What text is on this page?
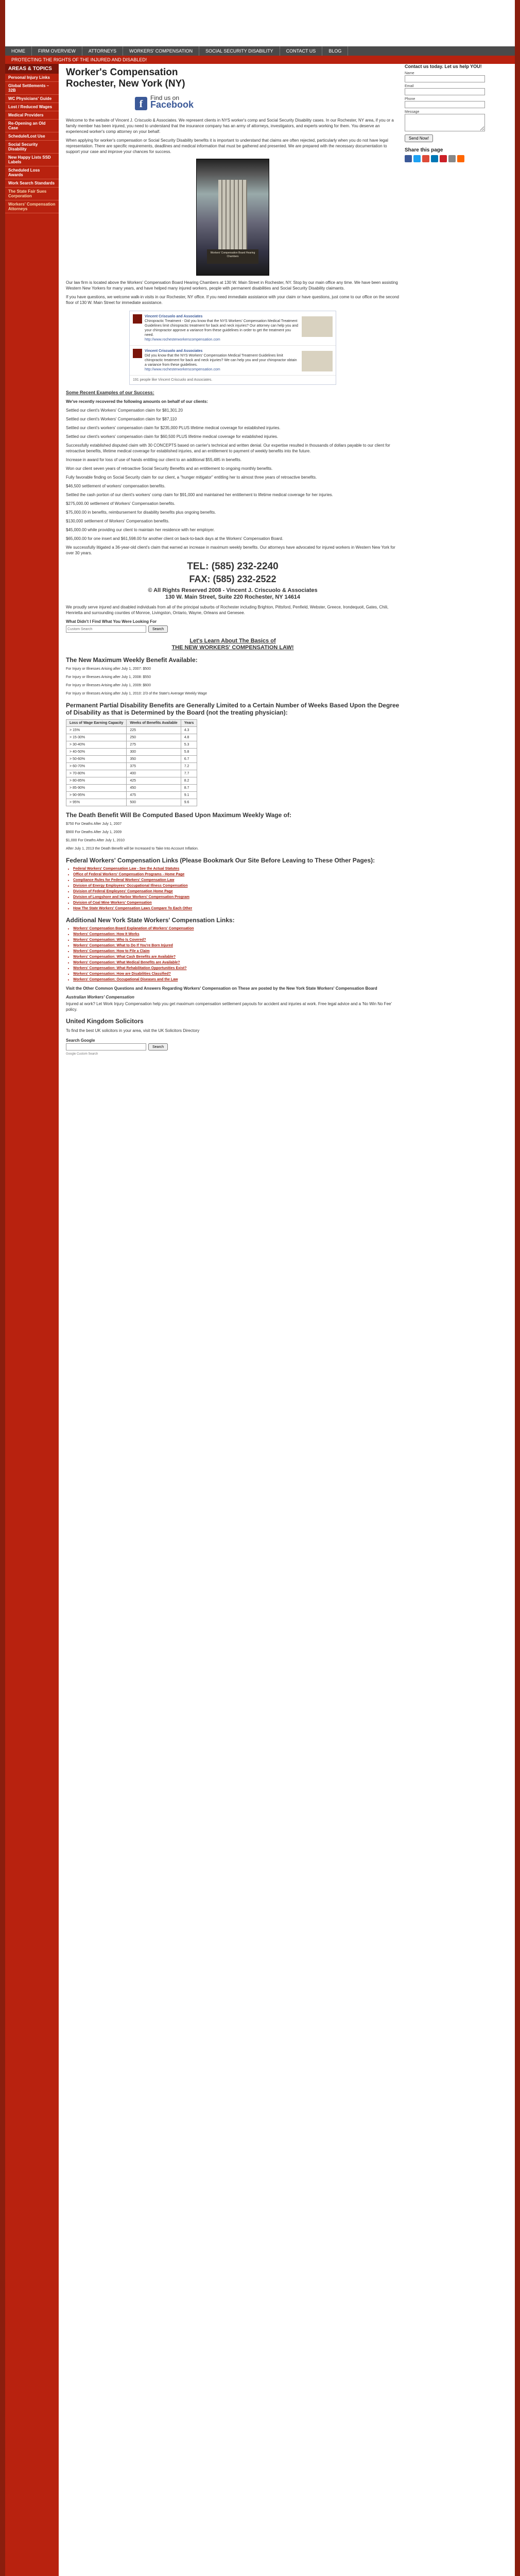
HOME	FIRM OVERVIEW	ATTORNEYS	WORKERS' COMPENSATION	SOCIAL SECURITY DISABILITY	CONTACT US	BLOG
PROTECTING THE RIGHTS OF THE INJURED AND DISABLED!
AREAS & TOPICS
Personal Injury Links
Global Settlements – 32B
WC Physicians' Guide
Lost / Reduced Wages
Medical Providers
Re-Opening an Old Case
Schedule/Lost Use
Social Security Disability
New Happy Lists SSD Labels
Scheduled Loss Awards
Work Search Standards
The State Fair Sues Corporation
Workers' Compensation Attorneys
Worker's Compensation
Rochester, New York (NY)
f
Find us on
Facebook

Welcome to the website of Vincent J. Criscuolo & Associates. We represent clients in NYS worker's comp and Social Security Disability cases. In our Rochester, NY area, if you or a family member has been injured, you need to understand that the insurance company has an army of attorneys, investigators, and experts working for them. You deserve an experienced worker's comp attorney on your behalf.

When applying for worker's compensation or Social Security Disability benefits it is important to understand that claims are often rejected, particularly when you do not have legal representation. There are specific requirements, deadlines and medical information that must be gathered and presented. We are prepared with the necessary documentation to support your case and improve your chances for success.

Workers' Compensation Board Hearing Chambers

Our law firm is located above the Workers' Compensation Board Hearing Chambers at 130 W. Main Street in Rochester, NY. Stop by our main office any time. We have been assisting Western New Yorkers for many years, and have helped many injured workers, people with permanent disabilities and Social Security Disability claimants.

If you have questions, we welcome walk-in visits in our Rochester, NY office. If you need immediate assistance with your claim or have questions, just come to our office on the second floor of 130 W. Main Street for immediate assistance.

Vincent Criscuolo and Associates
Chiropractic Treatment - Did you know that the NYS Workers' Compensation Medical Treatment Guidelines limit chiropractic treatment for back and neck injuries? Our attorney can help you and your chiropractor approve a variance from these guidelines in order to get the treatment you need.
http://www.rochesterworkerscompensation.com
Vincent Criscuolo and Associates
Did you know that the NYS Workers' Compensation Medical Treatment Guidelines limit chiropractic treatment for back and neck injuries? We can help you and your chiropractor obtain a variance from these guidelines.
http://www.rochesterworkerscompensation.com
191 people like Vincent Criscuolo and Associates.
Some Recent Examples of our Success:

We've recently recovered the following amounts on behalf of our clients:

Settled our client's Workers' Compensation claim for $81,301.20

Settled our client's Workers' Compensation claim for $87,110

Settled our client's workers' compensation claim for $235,000 PLUS lifetime medical coverage for established injuries.

Settled our client's workers' compensation claim for $60,500 PLUS lifetime medical coverage for established injuries.

Successfully established disputed claim with 30 CONCEPTS based on carrier's technical and written denial. Our expertise resulted in thousands of dollars payable to our client for retroactive benefits, lifetime medical coverage for established injuries, and an entitlement to payment of weekly benefits into the future.

Increase in award for loss of use of hands entitling our client to an additional $55,485 in benefits.

Won our client seven years of retroactive Social Security Benefits and an entitlement to ongoing monthly benefits.

Fully favorable finding on Social Security claim for our client, a "hunger mitigator" entitling her to almost three years of retroactive benefits.

$46,500 settlement of workers' compensation benefits.

Settled the cash portion of our client's workers' comp claim for $91,000 and maintained her entitlement to lifetime medical coverage for her injuries.

$275,000.00 settlement of Workers' Compensation benefits.

$75,000.00 in benefits, reimbursement for disability benefits plus ongoing benefits.

$130,000 settlement of Workers' Compensation benefits.

$45,000.00 while providing our client to maintain her residence with her employer.

$65,000.00 for one insert and $61,598.00 for another client on back-to-back days at the Workers' Compensation Board.

We successfully litigated a 36-year-old client's claim that earned an increase in maximum weekly benefits. Our attorneys have advocated for injured workers in Western New York for over 30 years.

TEL: (585) 232-2240
FAX: (585) 232-2522
© All Rights Reserved 2008 - Vincent J. Criscuolo & Associates
130 W. Main Street, Suite 220 Rochester, NY 14614

We proudly serve injured and disabled individuals from all of the principal suburbs of Rochester including Brighton, Pittsford, Penfield, Webster, Greece, Irondequoit, Gates, Chili, Henrietta and surrounding counties of Monroe, Livingston, Ontario, Wayne, Orleans and Genesee.

What Didn't I Find What You Were Looking For
Custom Search
Search
Let's Learn About The Basics of
THE NEW WORKERS' COMPENSATION LAW!
The New Maximum Weekly Benefit Available:

For Injury or Illnesses Arising after July 1, 2007: $500

For Injury or Illnesses Arising after July 1, 2008: $550

For Injury or Illnesses Arising after July 1, 2009: $600

For Injury or Illnesses Arising after July 1, 2010: 2/3 of the State's Average Weekly Wage

Permanent Partial Disability Benefits are Generally Limited to a Certain Number of Weeks Based Upon the Degree of Disability as that is Determined by the Board (not the treating physician):
Loss of Wage Earning Capacity	Weeks of Benefits Available	Years
> 15%	225	4.3
> 15-30%	250	4.8
> 30-40%	275	5.3
> 40-50%	300	5.8
> 50-60%	350	6.7
> 60-70%	375	7.2
> 70-80%	400	7.7
> 80-85%	425	8.2
> 85-90%	450	8.7
> 90-95%	475	9.1
> 95%	500	9.6
The Death Benefit Will Be Computed Based Upon Maximum Weekly Wage of:

$750 For Deaths After July 1, 2007

$900 For Deaths After July 1, 2009

$1,000 For Deaths After July 1, 2010

After July 1, 2013 the Death Benefit will be Increased to Take Into Account Inflation.

Federal Workers' Compensation Links (Please Bookmark Our Site Before Leaving to These Other Pages):
• Federal Workers' Compensation Law - See the Actual Statutes
• Office of Federal Workers' Compensation Programs - Home Page
• Compliance Rules for Federal Workers' Compensation Law
• Division of Energy Employees' Occupational Illness Compensation
• Division of Federal Employees' Compensation Home Page
• Division of Longshore and Harbor Workers' Compensation Program
• Division of Coal Mine Workers' Compensation
• How The State Workers' Compensation Laws Compare To Each Other
Additional New York State Workers' Compensation Links:
• Workers' Compensation Board Explanation of Workers' Compensation
• Workers' Compensation: How It Works
• Workers' Compensation: Who Is Covered?
• Workers' Compensation: What to Do If You're Born Injured
• Workers' Compensation: How to File a Claim
• Workers' Compensation: What Cash Benefits are Available?
• Workers' Compensation: What Medical Benefits are Available?
• Workers' Compensation: What Rehabilitation Opportunities Exist?
• Workers' Compensation: How are Disabilities Classified?
• Workers' Compensation: Occupational Diseases and the Law

Visit the Other Common Questions and Answers Regarding Workers' Compensation on These are posted by the New York State Workers' Compensation Board

Australian Workers' Compensation

Injured at work? Let Work Injury Compensation help you get maximum compensation settlement payouts for accident and injuries at work. Free legal advice and a 'No Win No Fee' policy.

United Kingdom Solicitors

To find the best UK solicitors in your area, visit the UK Solicitors Directory

Search Google
Search
Google Custom Search
Contact us today. Let us help YOU!
Name
Email
Phone
Message
Send Now!
Share this page
